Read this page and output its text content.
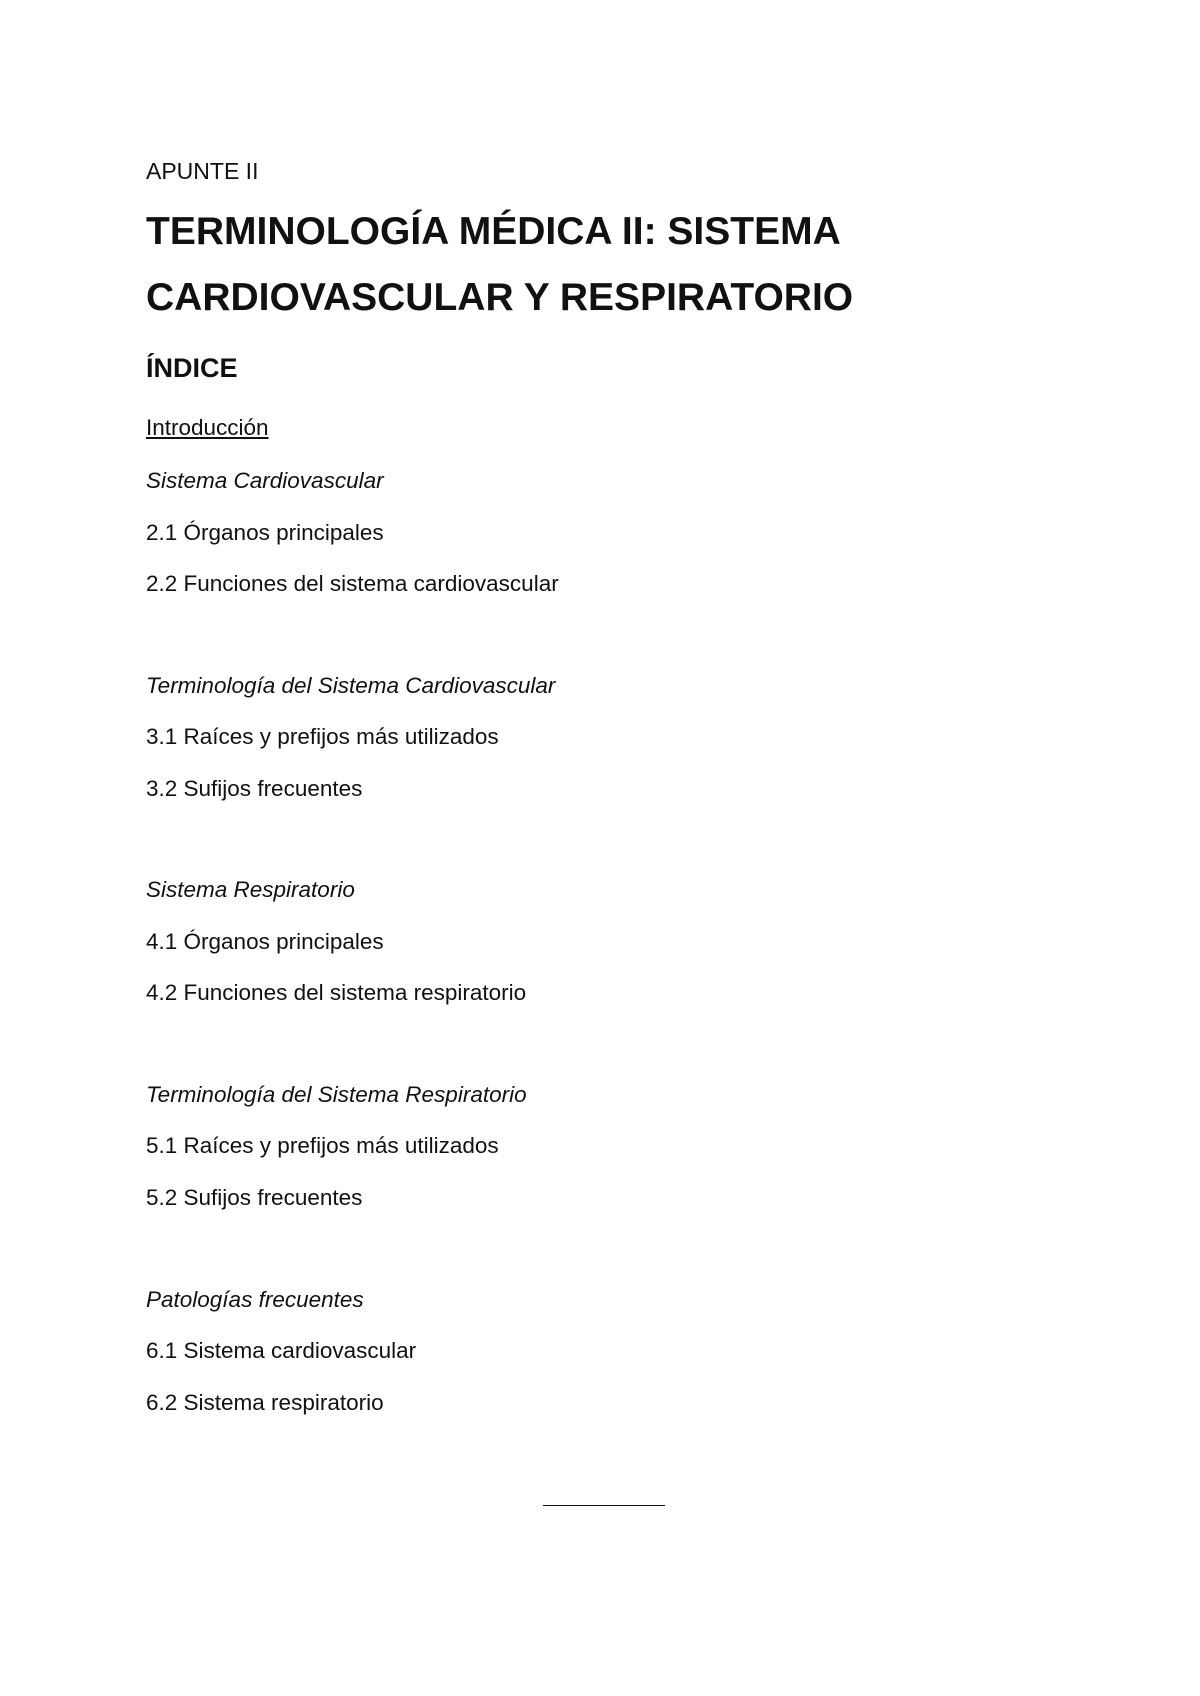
APUNTE II

TERMINOLOGÍA MÉDICA II: SISTEMA
CARDIOVASCULAR Y RESPIRATORIO
ÍNDICE
Introducción
Sistema Cardiovascular
2.1 Órganos principales
2.2 Funciones del sistema cardiovascular
Terminología del Sistema Cardiovascular
3.1 Raíces y prefijos más utilizados
3.2 Sufijos frecuentes
Sistema Respiratorio
4.1 Órganos principales
4.2 Funciones del sistema respiratorio
Terminología del Sistema Respiratorio
5.1 Raíces y prefijos más utilizados
5.2 Sufijos frecuentes
Patologías frecuentes
6.1 Sistema cardiovascular
6.2 Sistema respiratorio
